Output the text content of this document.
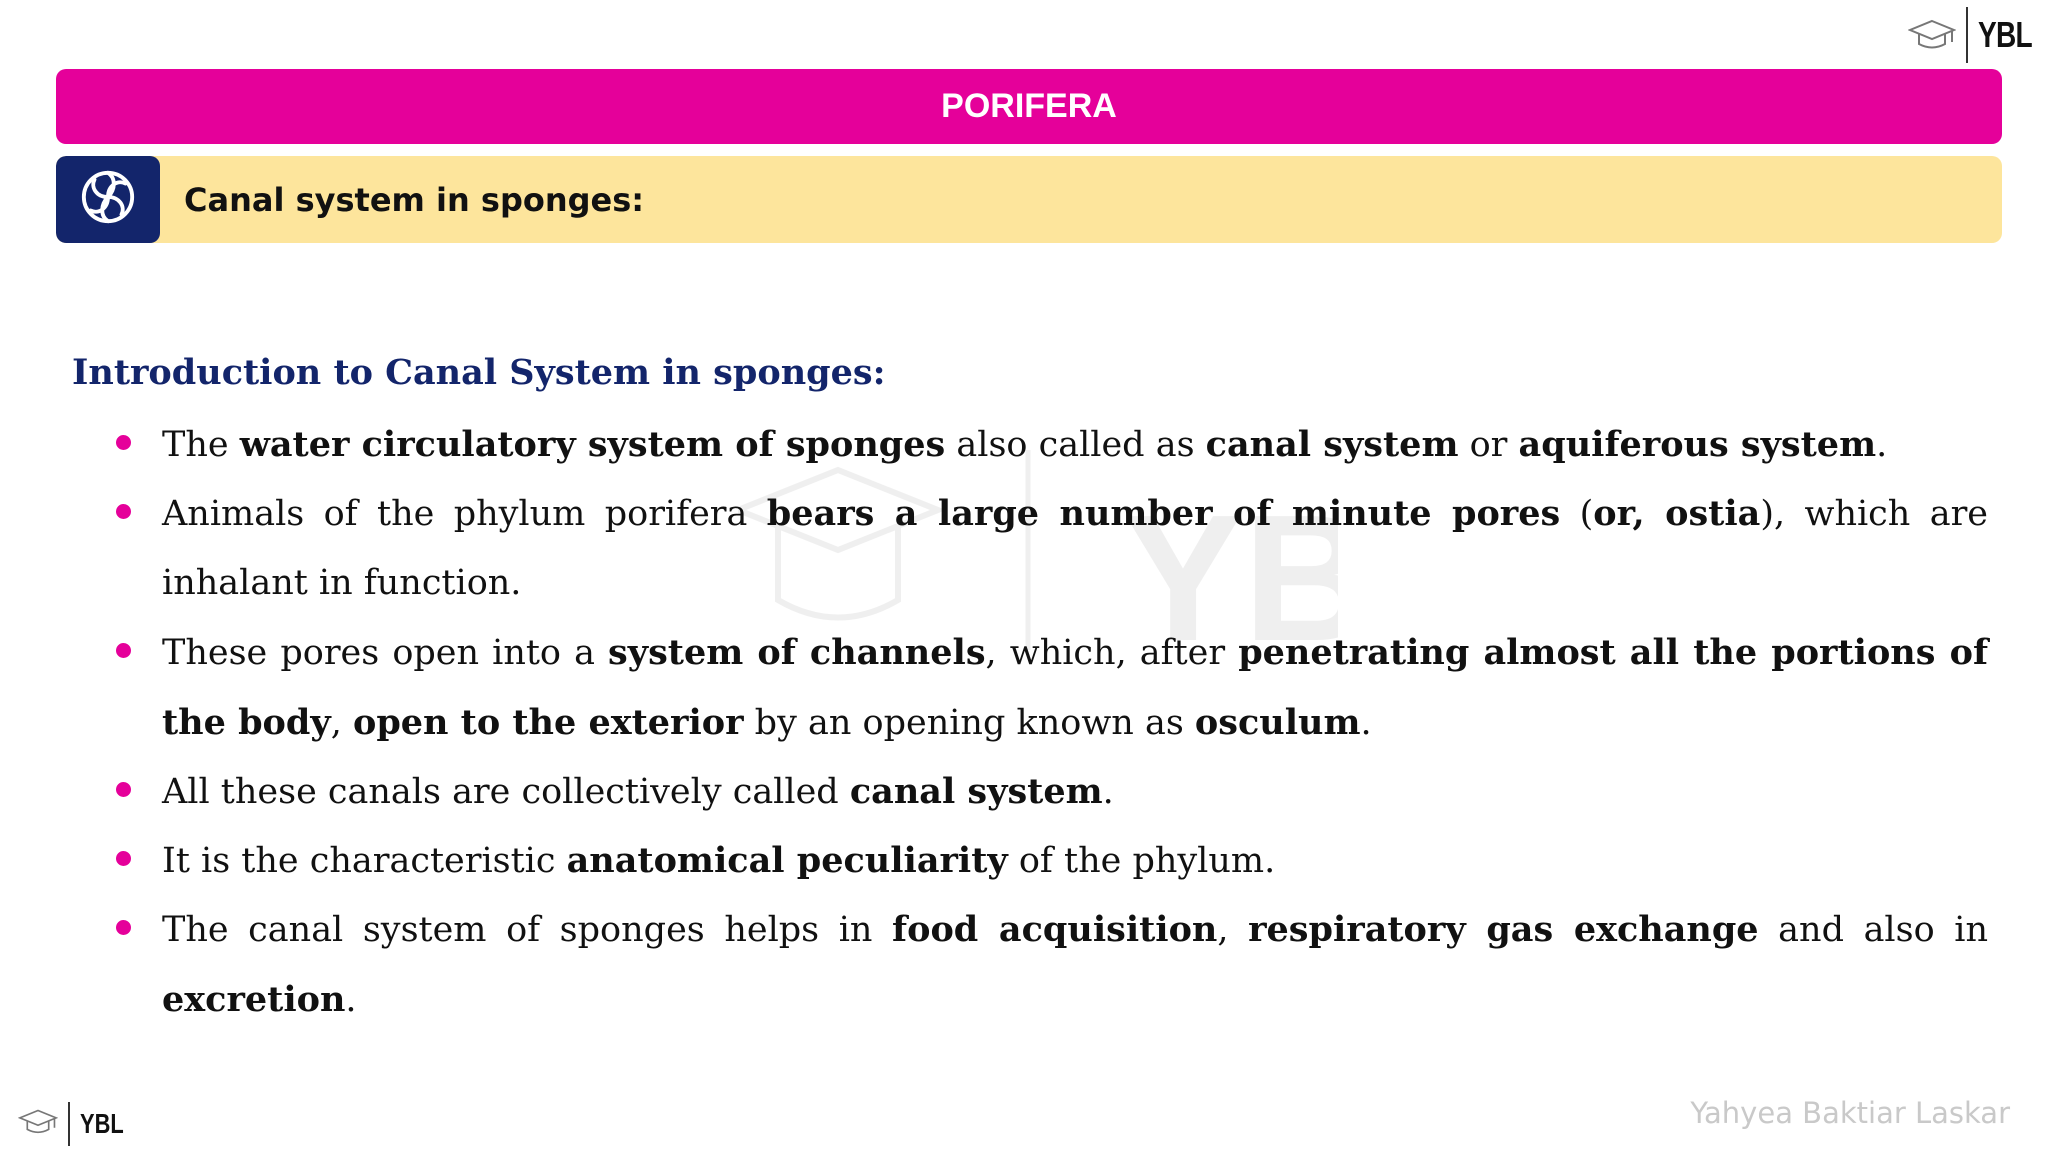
YBL
PORIFERA
Canal system in sponges:
YB
Introduction to Canal System in sponges:
The water circulatory system of sponges also called as canal system or aquiferous system.
Animals of the phylum porifera bears a large number of minute pores (or, ostia), which are inhalant in function.
These pores open into a system of channels, which, after penetrating almost all the portions of the body, open to the exterior by an opening known as osculum.
All these canals are collectively called canal system.
It is the characteristic anatomical peculiarity of the phylum.
The canal system of sponges helps in food acquisition, respiratory gas exchange and also in excretion.
YBL	Yahyea Baktiar Laskar
